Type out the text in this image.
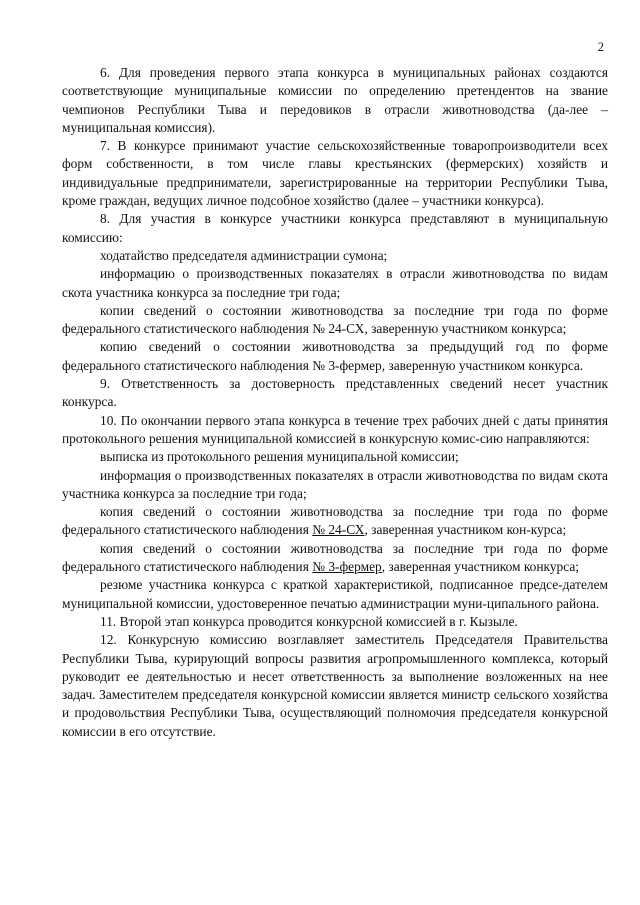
2

6. Для проведения первого этапа конкурса в муниципальных районах создаются соответствующие муниципальные комиссии по определению претендентов на звание чемпионов Республики Тыва и передовиков в отрасли животноводства (да-лее – муниципальная комиссия).

7. В конкурсе принимают участие сельскохозяйственные товаропроизводители всех форм собственности, в том числе главы крестьянских (фермерских) хозяйств и индивидуальные предприниматели, зарегистрированные на территории Республики Тыва, кроме граждан, ведущих личное подсобное хозяйство (далее – участники конкурса).

8. Для участия в конкурсе участники конкурса представляют в муниципальную комиссию:

ходатайство председателя администрации сумона;

информацию о производственных показателях в отрасли животноводства по видам скота участника конкурса за последние три года;

копии сведений о состоянии животноводства за последние три года по форме федерального статистического наблюдения № 24-СХ, заверенную участником конкурса;

копию сведений о состоянии животноводства за предыдущий год по форме федерального статистического наблюдения № 3-фермер, заверенную участником конкурса.

9. Ответственность за достоверность представленных сведений несет участник конкурса.

10. По окончании первого этапа конкурса в течение трех рабочих дней с даты принятия протокольного решения муниципальной комиссией в конкурсную комис-сию направляются:

выписка из протокольного решения муниципальной комиссии;

информация о производственных показателях в отрасли животноводства по видам скота участника конкурса за последние три года;

копия сведений о состоянии животноводства за последние три года по форме федерального статистического наблюдения № 24-СХ, заверенная участником кон-курса;

копия сведений о состоянии животноводства за последние три года по форме федерального статистического наблюдения № 3-фермер, заверенная участником конкурса;

резюме участника конкурса с краткой характеристикой, подписанное предсе-дателем муниципальной комиссии, удостоверенное печатью администрации муни-ципального района.

11. Второй этап конкурса проводится конкурсной комиссией в г. Кызыле.

12. Конкурсную комиссию возглавляет заместитель Председателя Правительства Республики Тыва, курирующий вопросы развития агропромышленного комплекса, который руководит ее деятельностью и несет ответственность за выполнение возложенных на нее задач. Заместителем председателя конкурсной комиссии является министр сельского хозяйства и продовольствия Республики Тыва, осуществляющий полномочия председателя конкурсной комиссии в его отсутствие.
